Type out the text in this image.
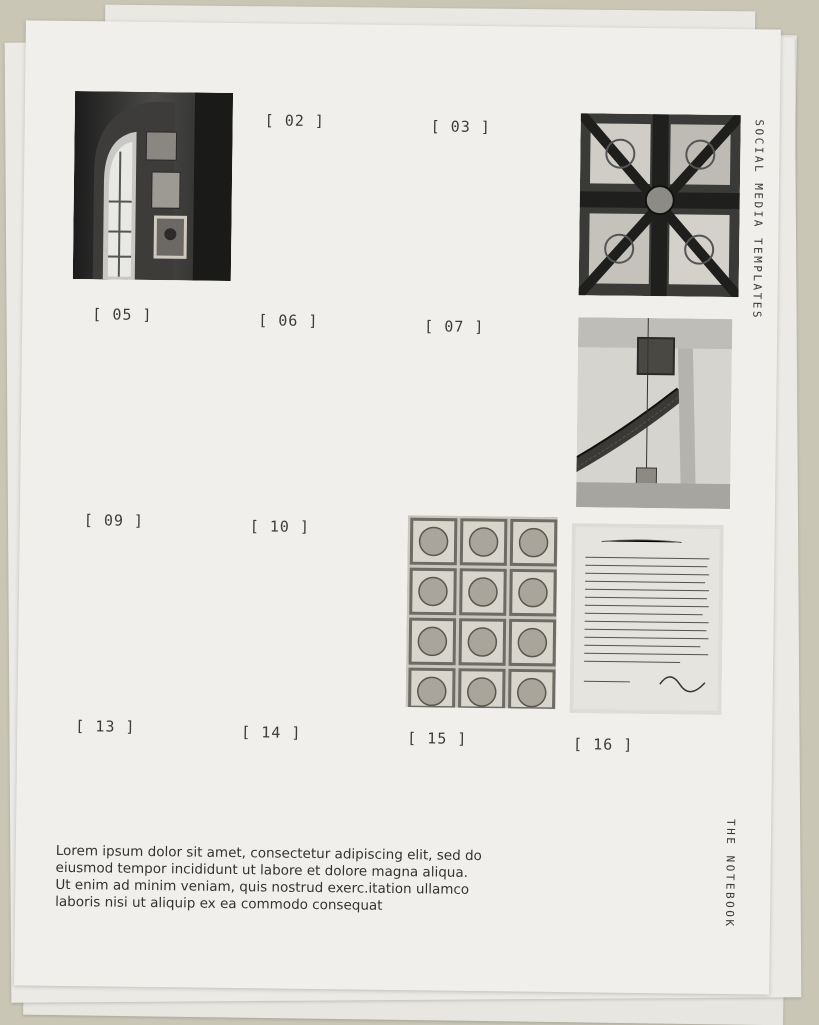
[ 02 ]	[ 03 ]
[ 05 ]	[ 06 ]	[ 07 ]
[ 09 ]	[ 10 ]
[ 13 ]	[ 14 ]	[ 15 ]	[ 16 ]
SOCIAL MEDIA TEMPLATES
THE NOTEBOOK
Lorem ipsum dolor sit amet, consectetur adipiscing elit, sed do eiusmod tempor incididunt ut labore et dolore magna aliqua. Ut enim ad minim veniam, quis nostrud exerc.itation ullamco laboris nisi ut aliquip ex ea commodo consequat
